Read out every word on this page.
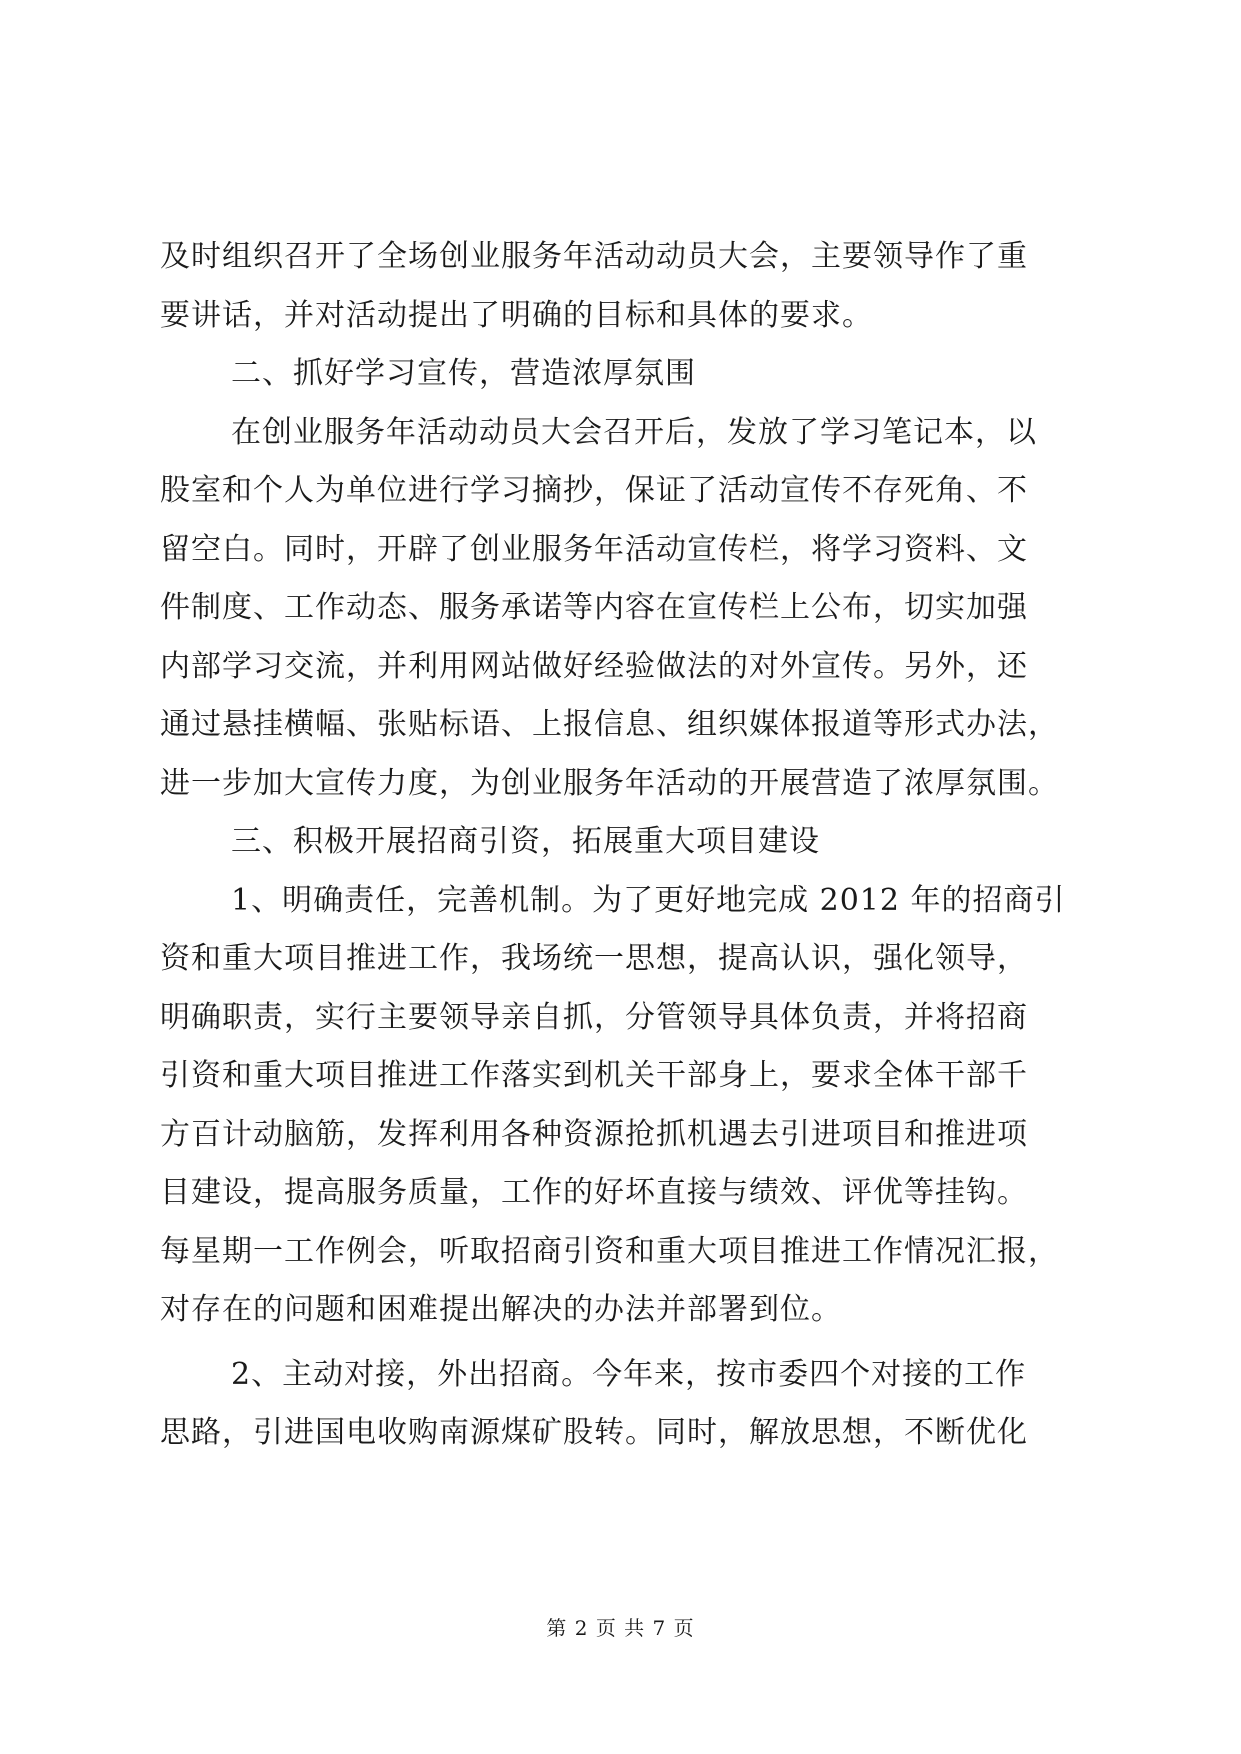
及时组织召开了全场创业服务年活动动员大会，主要领导作了重
要讲话，并对活动提出了明确的目标和具体的要求。
二、抓好学习宣传，营造浓厚氛围
在创业服务年活动动员大会召开后，发放了学习笔记本，以
股室和个人为单位进行学习摘抄，保证了活动宣传不存死角、不
留空白。同时，开辟了创业服务年活动宣传栏，将学习资料、文
件制度、工作动态、服务承诺等内容在宣传栏上公布，切实加强
内部学习交流，并利用网站做好经验做法的对外宣传。另外，还
通过悬挂横幅、张贴标语、上报信息、组织媒体报道等形式办法，
进一步加大宣传力度，为创业服务年活动的开展营造了浓厚氛围。
三、积极开展招商引资，拓展重大项目建设
1、明确责任，完善机制。为了更好地完成 2012 年的招商引
资和重大项目推进工作，我场统一思想，提高认识，强化领导，
明确职责，实行主要领导亲自抓，分管领导具体负责，并将招商
引资和重大项目推进工作落实到机关干部身上，要求全体干部千
方百计动脑筋，发挥利用各种资源抢抓机遇去引进项目和推进项
目建设，提高服务质量，工作的好坏直接与绩效、评优等挂钩。
每星期一工作例会，听取招商引资和重大项目推进工作情况汇报，
对存在的问题和困难提出解决的办法并部署到位。
2、主动对接，外出招商。今年来，按市委四个对接的工作
思路，引进国电收购南源煤矿股转。同时，解放思想，不断优化
第 2 页 共 7 页
